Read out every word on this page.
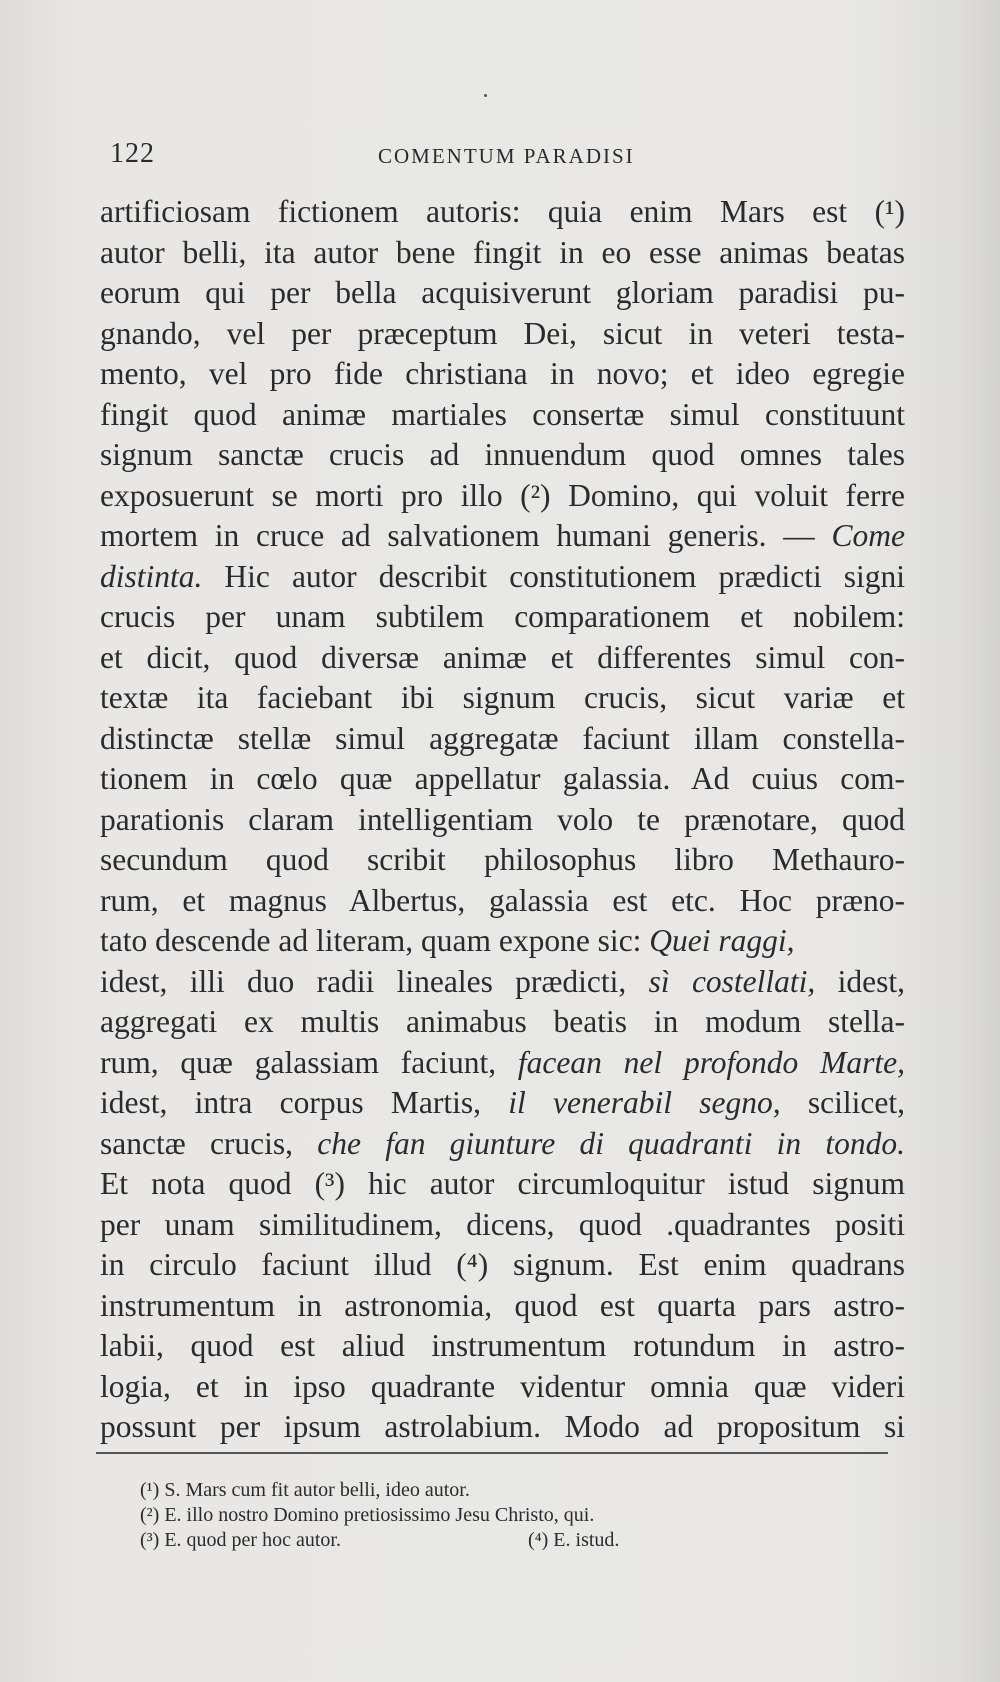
122	COMENTUM PARADISI
artificiosam fictionem autoris: quia enim Mars est (¹)
autor belli, ita autor bene fingit in eo esse animas beatas
eorum qui per bella acquisiverunt gloriam paradisi pu-
gnando, vel per præceptum Dei, sicut in veteri testa-
mento, vel pro fide christiana in novo; et ideo egregie
fingit quod animæ martiales consertæ simul constituunt
signum sanctæ crucis ad innuendum quod omnes tales
exposuerunt se morti pro illo (²) Domino, qui voluit ferre
mortem in cruce ad salvationem humani generis. — Come
distinta. Hic autor describit constitutionem prædicti signi
crucis per unam subtilem comparationem et nobilem:
et dicit, quod diversæ animæ et differentes simul con-
textæ ita faciebant ibi signum crucis, sicut variæ et
distinctæ stellæ simul aggregatæ faciunt illam constella-
tionem in cœlo quæ appellatur galassia. Ad cuius com-
parationis claram intelligentiam volo te prænotare, quod
secundum quod scribit philosophus libro Methauro-
rum, et magnus Albertus, galassia est etc. Hoc præno-
tato descende ad literam, quam expone sic: Quei raggi,
idest, illi duo radii lineales prædicti, sì costellati, idest,
aggregati ex multis animabus beatis in modum stella-
rum, quæ galassiam faciunt, facean nel profondo Marte,
idest, intra corpus Martis, il venerabil segno, scilicet,
sanctæ crucis, che fan giunture di quadranti in tondo.
Et nota quod (³) hic autor circumloquitur istud signum
per unam similitudinem, dicens, quod .quadrantes positi
in circulo faciunt illud (⁴) signum. Est enim quadrans
instrumentum in astronomia, quod est quarta pars astro-
labii, quod est aliud instrumentum rotundum in astro-
logia, et in ipso quadrante videntur omnia quæ videri
possunt per ipsum astrolabium. Modo ad propositum si
(¹) S. Mars cum fit autor belli, ideo autor.
(²) E. illo nostro Domino pretiosissimo Jesu Christo, qui.
(³) E. quod per hoc autor.	(⁴) E. istud.
